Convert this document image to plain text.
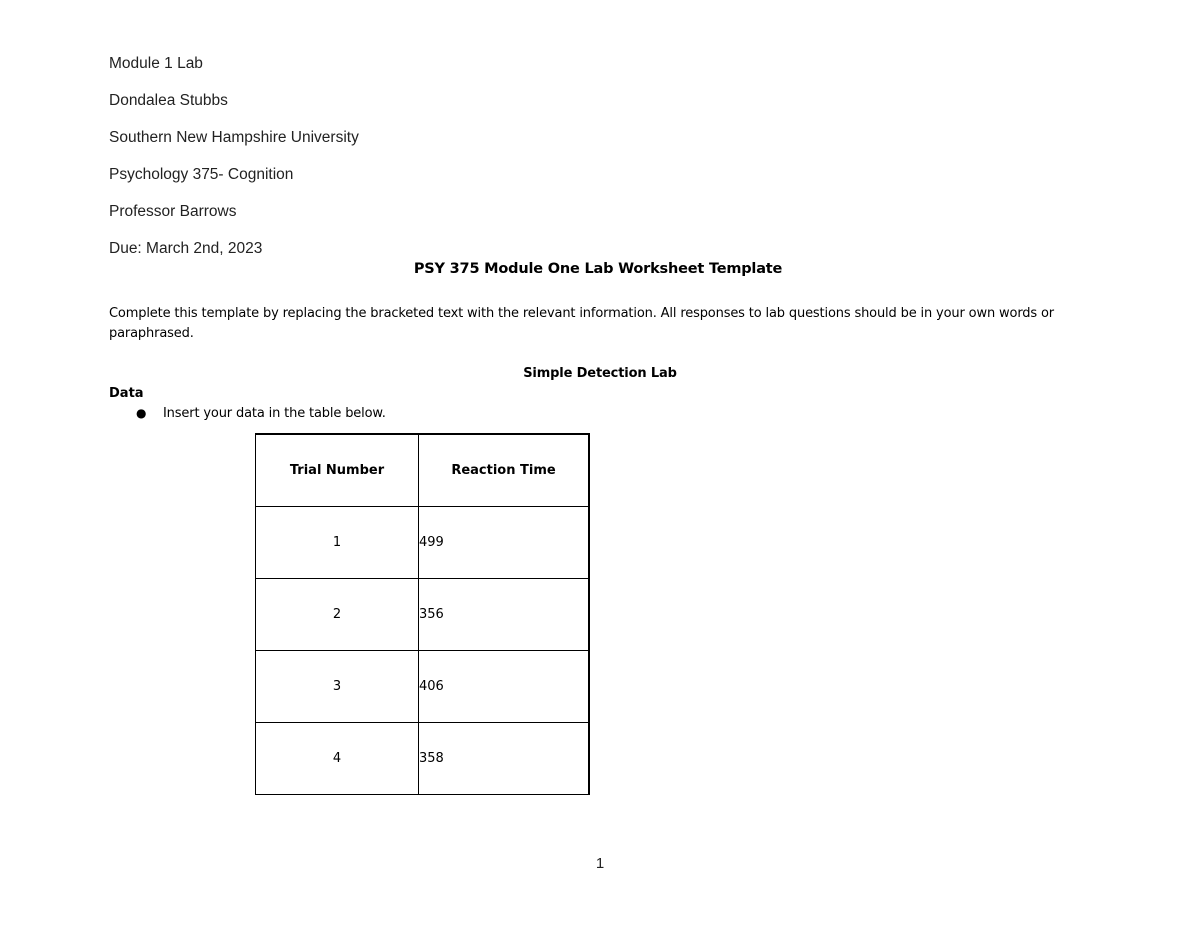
Module 1 Lab
Dondalea Stubbs
Southern New Hampshire University
Psychology 375- Cognition
Professor Barrows
Due: March 2nd, 2023
PSY 375 Module One Lab Worksheet Template
Complete this template by replacing the bracketed text with the relevant information. All responses to lab questions should be in your own words or paraphrased.
Simple Detection Lab
Data
● Insert your data in the table below.
Trial Number	Reaction Time
1	499
2	356
3	406
4	358
1
